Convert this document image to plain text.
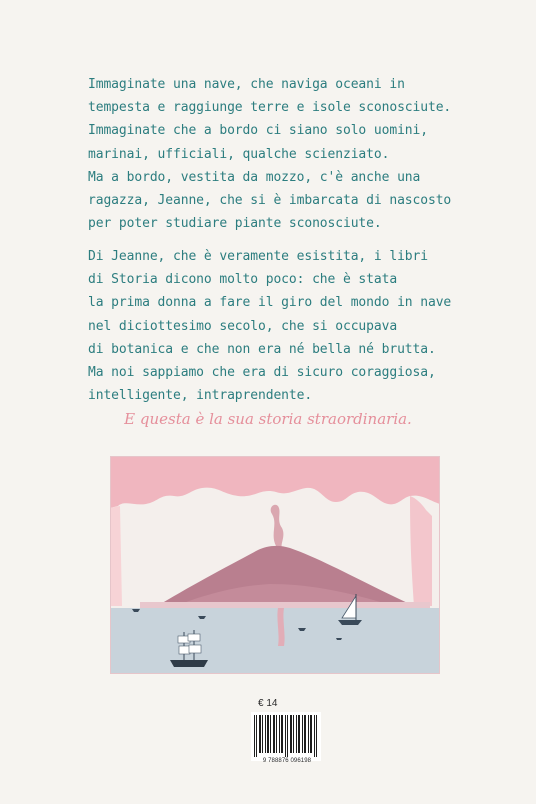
Immaginate una nave, che naviga oceani in
tempesta e raggiunge terre e isole sconosciute.
Immaginate che a bordo ci siano solo uomini,
marinai, ufficiali, qualche scienziato.
Ma a bordo, vestita da mozzo, c'è anche una
ragazza, Jeanne, che si è imbarcata di nascosto
per poter studiare piante sconosciute.
Di Jeanne, che è veramente esistita, i libri
di Storia dicono molto poco: che è stata
la prima donna a fare il giro del mondo in nave
nel diciottesimo secolo, che si occupava
di botanica e che non era né bella né brutta.
Ma noi sappiamo che era di sicuro coraggiosa,
intelligente, intraprendente.
E questa è la sua storia straordinaria.
€ 14
9 788876 096198
